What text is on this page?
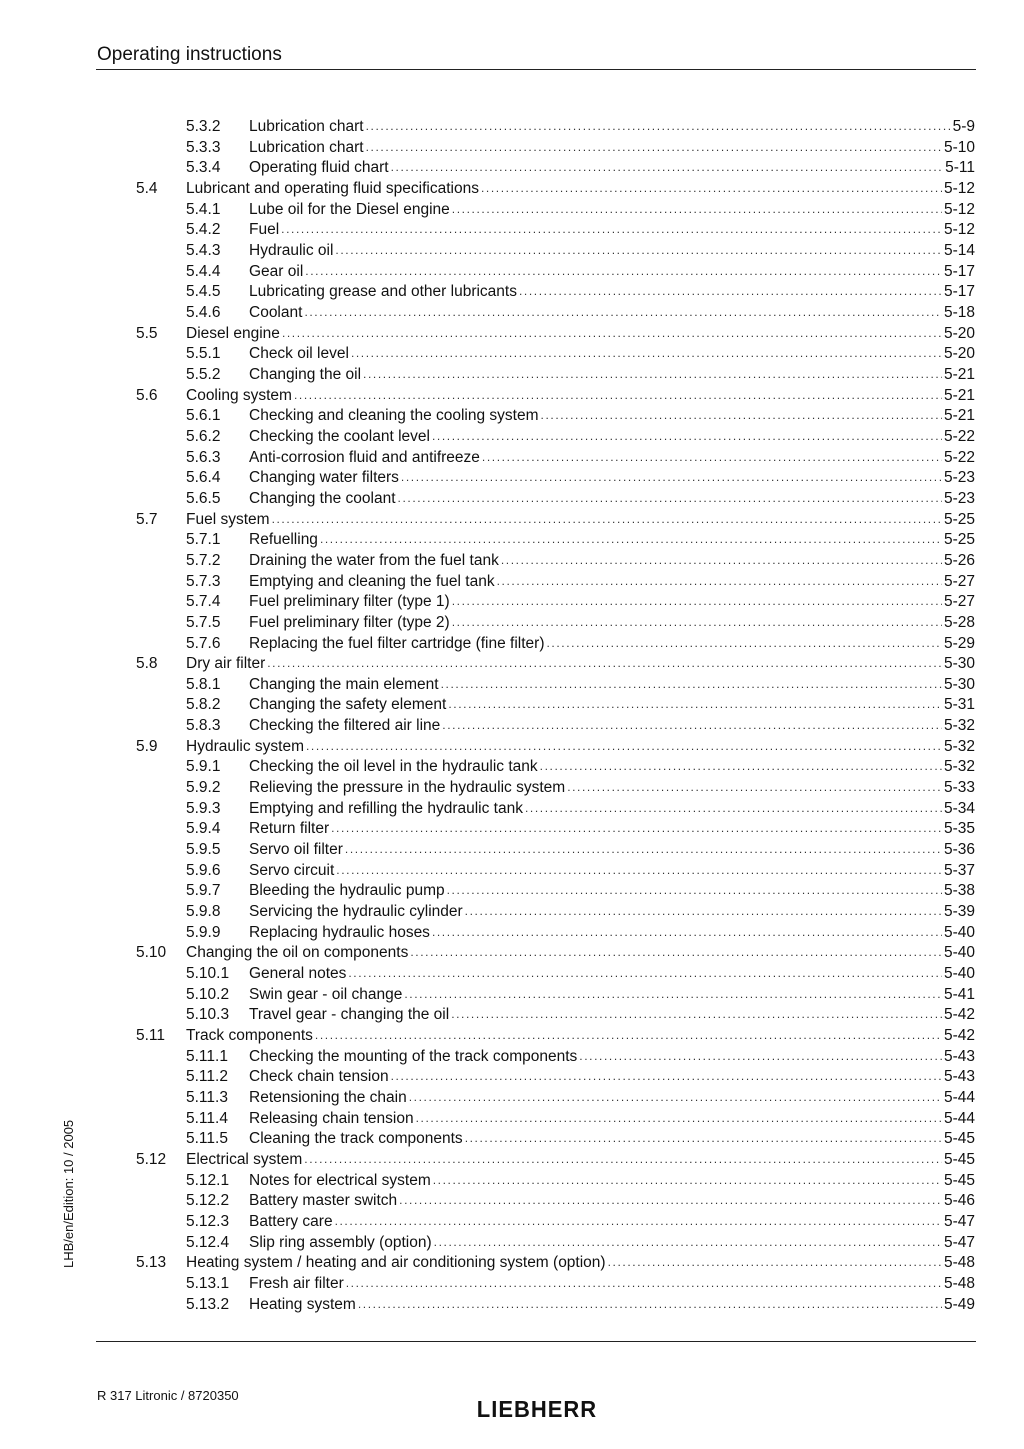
Operating instructions
5.3.2 Lubrication chart .....	5-9
5.3.3 Lubrication chart .....	5-10
5.3.4 Operating fluid chart .....	5-11
5.4 Lubricant and operating fluid specifications .....	5-12
5.4.1 Lube oil for the Diesel engine .....	5-12
5.4.2 Fuel .....	5-12
5.4.3 Hydraulic oil .....	5-14
5.4.4 Gear oil .....	5-17
5.4.5 Lubricating grease and other lubricants .....	5-17
5.4.6 Coolant .....	5-18
5.5 Diesel engine .....	5-20
5.5.1 Check oil level .....	5-20
5.5.2 Changing the oil .....	5-21
5.6 Cooling system .....	5-21
5.6.1 Checking and cleaning the cooling system .....	5-21
5.6.2 Checking the coolant level .....	5-22
5.6.3 Anti-corrosion fluid and antifreeze .....	5-22
5.6.4 Changing water filters .....	5-23
5.6.5 Changing the coolant .....	5-23
5.7 Fuel system .....	5-25
5.7.1 Refuelling .....	5-25
5.7.2 Draining the water from the fuel tank .....	5-26
5.7.3 Emptying and cleaning the fuel tank .....	5-27
5.7.4 Fuel preliminary filter (type 1) .....	5-27
5.7.5 Fuel preliminary filter (type 2) .....	5-28
5.7.6 Replacing the fuel filter cartridge (fine filter) .....	5-29
5.8 Dry air filter .....	5-30
5.8.1 Changing the main element .....	5-30
5.8.2 Changing the safety element .....	5-31
5.8.3 Checking the filtered air line .....	5-32
5.9 Hydraulic system .....	5-32
5.9.1 Checking the oil level in the hydraulic tank .....	5-32
5.9.2 Relieving the pressure in the hydraulic system .....	5-33
5.9.3 Emptying and refilling the hydraulic tank .....	5-34
5.9.4 Return filter .....	5-35
5.9.5 Servo oil filter .....	5-36
5.9.6 Servo circuit .....	5-37
5.9.7 Bleeding the hydraulic pump .....	5-38
5.9.8 Servicing the hydraulic cylinder .....	5-39
5.9.9 Replacing hydraulic hoses .....	5-40
5.10 Changing the oil on components .....	5-40
5.10.1 General notes .....	5-40
5.10.2 Swin gear - oil change .....	5-41
5.10.3 Travel gear - changing the oil .....	5-42
5.11 Track components .....	5-42
5.11.1 Checking the mounting of the track components .....	5-43
5.11.2 Check chain tension .....	5-43
5.11.3 Retensioning the chain .....	5-44
5.11.4 Releasing chain tension .....	5-44
5.11.5 Cleaning the track components .....	5-45
5.12 Electrical system .....	5-45
5.12.1 Notes for electrical system .....	5-45
5.12.2 Battery master switch .....	5-46
5.12.3 Battery care .....	5-47
5.12.4 Slip ring assembly (option) .....	5-47
5.13 Heating system / heating and air conditioning system (option) .....	5-48
5.13.1 Fresh air filter .....	5-48
5.13.2 Heating system .....	5-49
LHB/en/Edition: 10 / 2005
R 317 Litronic / 8720350
LIEBHERR
